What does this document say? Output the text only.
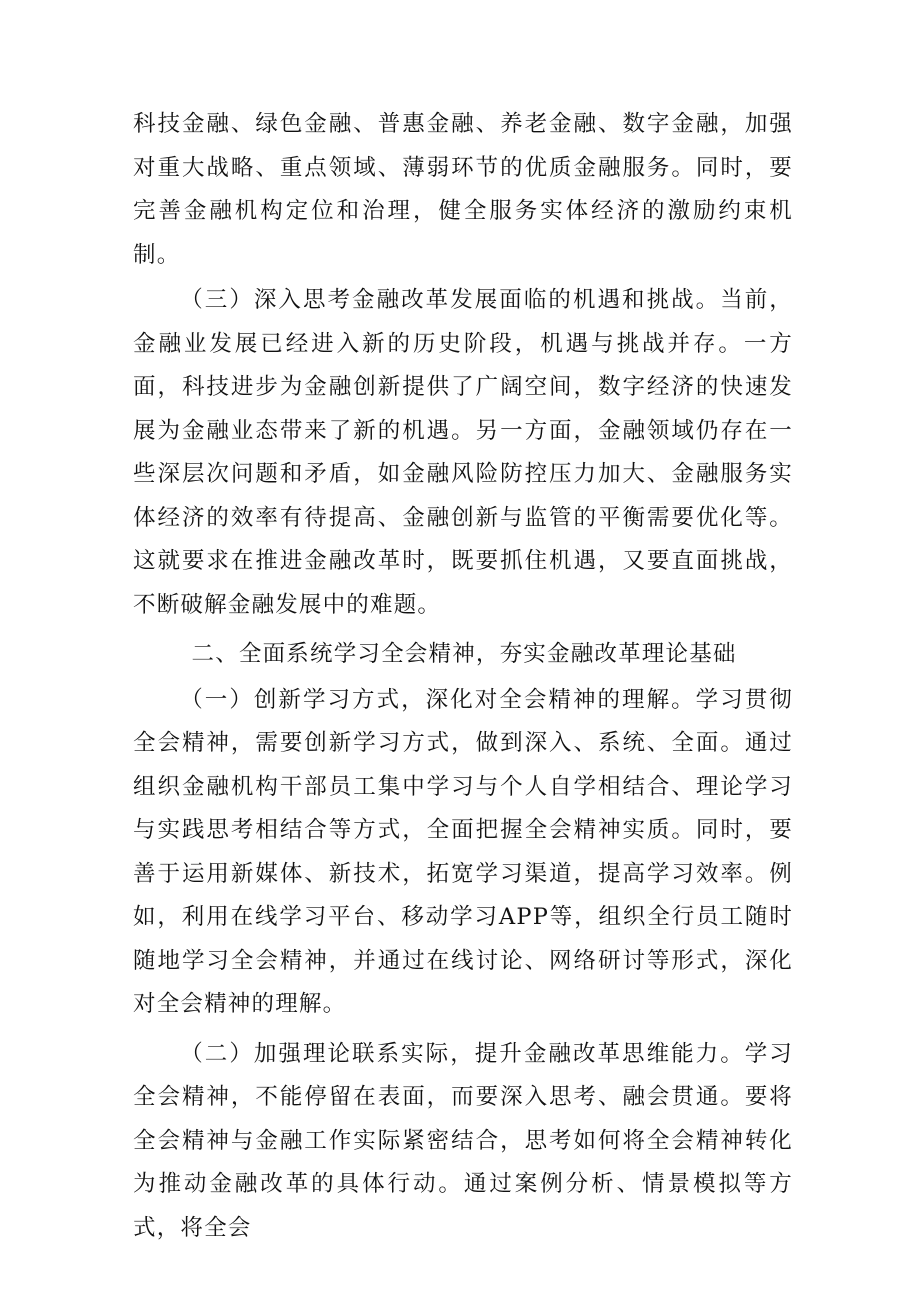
科技金融、绿色金融、普惠金融、养老金融、数字金融，加强对重大战略、重点领域、薄弱环节的优质金融服务。同时，要完善金融机构定位和治理，健全服务实体经济的激励约束机制。

（三）深入思考金融改革发展面临的机遇和挑战。当前，金融业发展已经进入新的历史阶段，机遇与挑战并存。一方面，科技进步为金融创新提供了广阔空间，数字经济的快速发展为金融业态带来了新的机遇。另一方面，金融领域仍存在一些深层次问题和矛盾，如金融风险防控压力加大、金融服务实体经济的效率有待提高、金融创新与监管的平衡需要优化等。这就要求在推进金融改革时，既要抓住机遇，又要直面挑战，不断破解金融发展中的难题。

二、全面系统学习全会精神，夯实金融改革理论基础

（一）创新学习方式，深化对全会精神的理解。学习贯彻全会精神，需要创新学习方式，做到深入、系统、全面。通过组织金融机构干部员工集中学习与个人自学相结合、理论学习与实践思考相结合等方式，全面把握全会精神实质。同时，要善于运用新媒体、新技术，拓宽学习渠道，提高学习效率。例如，利用在线学习平台、移动学习APP等，组织全行员工随时随地学习全会精神，并通过在线讨论、网络研讨等形式，深化对全会精神的理解。

（二）加强理论联系实际，提升金融改革思维能力。学习全会精神，不能停留在表面，而要深入思考、融会贯通。要将全会精神与金融工作实际紧密结合，思考如何将全会精神转化为推动金融改革的具体行动。通过案例分析、情景模拟等方式，将全会
